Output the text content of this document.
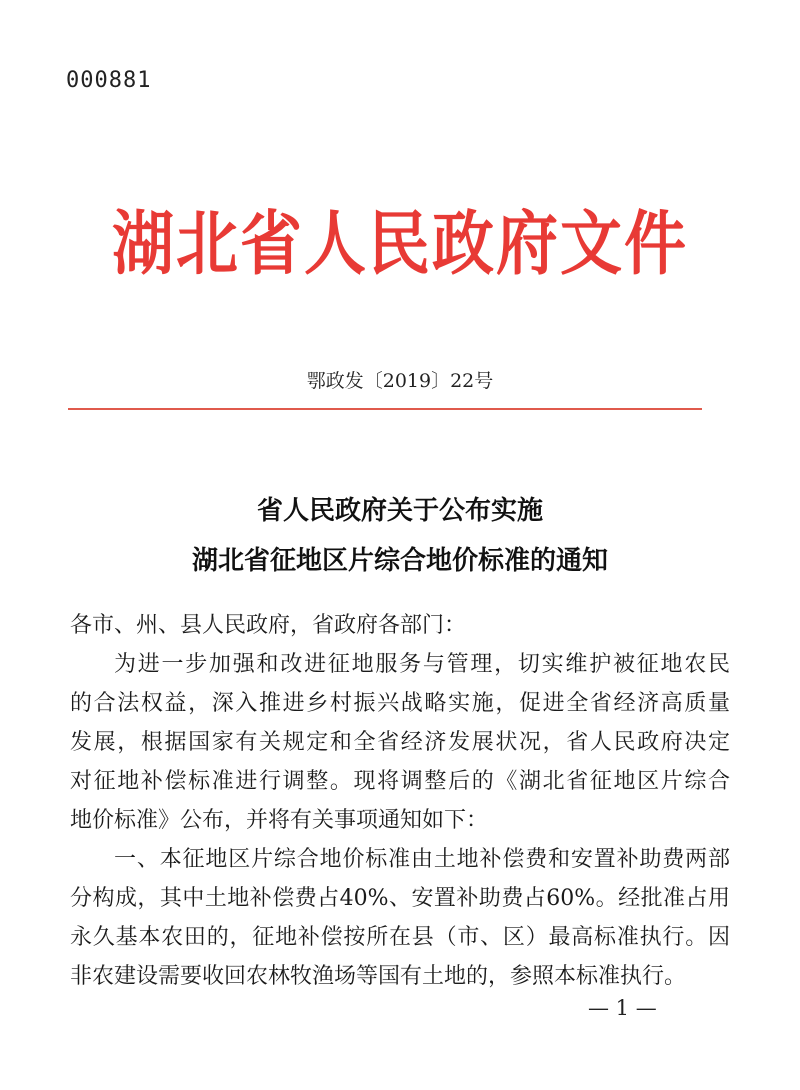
000881
湖北省人民政府文件
鄂政发〔2019〕22号
省人民政府关于公布实施
湖北省征地区片综合地价标准的通知
各市、州、县人民政府，省政府各部门：
为进一步加强和改进征地服务与管理，切实维护被征地农民
的合法权益，深入推进乡村振兴战略实施，促进全省经济高质量
发展，根据国家有关规定和全省经济发展状况，省人民政府决定
对征地补偿标准进行调整。现将调整后的《湖北省征地区片综合
地价标准》公布，并将有关事项通知如下：
一、本征地区片综合地价标准由土地补偿费和安置补助费两部
分构成，其中土地补偿费占40%、安置补助费占60%。经批准占用
永久基本农田的，征地补偿按所在县（市、区）最高标准执行。因
非农建设需要收回农林牧渔场等国有土地的，参照本标准执行。
— 1 —
